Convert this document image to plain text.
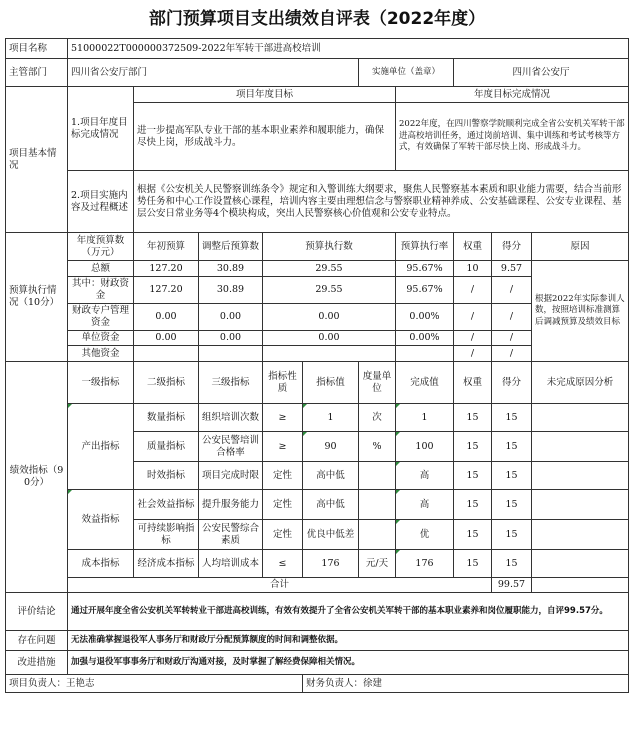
部门预算项目支出绩效自评表（2022年度）
项目名称	51000022T000000372509-2022年军转干部进高校培训									
主管部门	四川省公安厅部门					实施单位（盖章）		四川省公安厅		
项目基本情况	1.项目年度目标完成情况	项目年度目标					年度目标完成情况			
		进一步提高军队专业干部的基本职业素养和履职能力，确保尽快上岗，形成战斗力。					2022年度，在四川警察学院顺利完成全省公安机关军转干部进高校培训任务，通过岗前培训、集中训练和考试考核等方式，有效确保了军转干部尽快上岗、形成战斗力。			
	2.项目实施内容及过程概述	根据《公安机关人民警察训练条令》规定和入警训练大纲要求，聚焦人民警察基本素质和职业能力需要，结合当前形势任务和中心工作设置核心课程，培训内容主要由理想信念与警察职业精神养成、公安基础课程、公安专业课程、基层公安日常业务等4个模块构成，突出人民警察核心价值观和公安专业特点。								

预算执行情况（10分）	年度预算数（万元）	年初预算	调整后预算数	预算执行数			预算执行率	权重	得分	原因
	总额	127.20	30.89	29.55			95.67%	10	9.57	根据2022年实际参训人数，按照培训标准测算后调减预算及绩效目标
	其中：财政资金	127.20	30.89	29.55			95.67%	/	/	
	财政专户管理资金	0.00	0.00	0.00			0.00%	/	/	
	单位资金	0.00	0.00	0.00			0.00%	/	/	
	其他资金							/	/	
绩效指标（90分）	一级指标	二级指标	三级指标	指标性质	指标值	度量单位	完成值	权重	得分	未完成原因分析
	产出指标	数量指标	组织培训次数	≥	1	次	1	15	15	
		质量指标	公安民警培训合格率	≥	90	%	100	15	15	
		时效指标	项目完成时限	定性	高中低		高	15	15	
	效益指标	社会效益指标	提升服务能力	定性	高中低		高	15	15	
		可持续影响指标	公安民警综合素质	定性	优良中低差		优	15	15	
	成本指标	经济成本指标	人均培训成本	≤	176	元/天	176	15	15	
	合计								99.57	
评价结论	通过开展年度全省公安机关军转转业干部进高校训练，有效有效提升了全省公安机关军转干部的基本职业素养和岗位履职能力，自评99.57分。									
存在问题	无法准确掌握退役军人事务厅和财政厅分配预算额度的时间和调整依据。									
改进措施	加强与退役军事事务厅和财政厅沟通对接，及时掌握了解经费保障相关情况。									
项目负责人：王艳志					财务负责人：徐建					
